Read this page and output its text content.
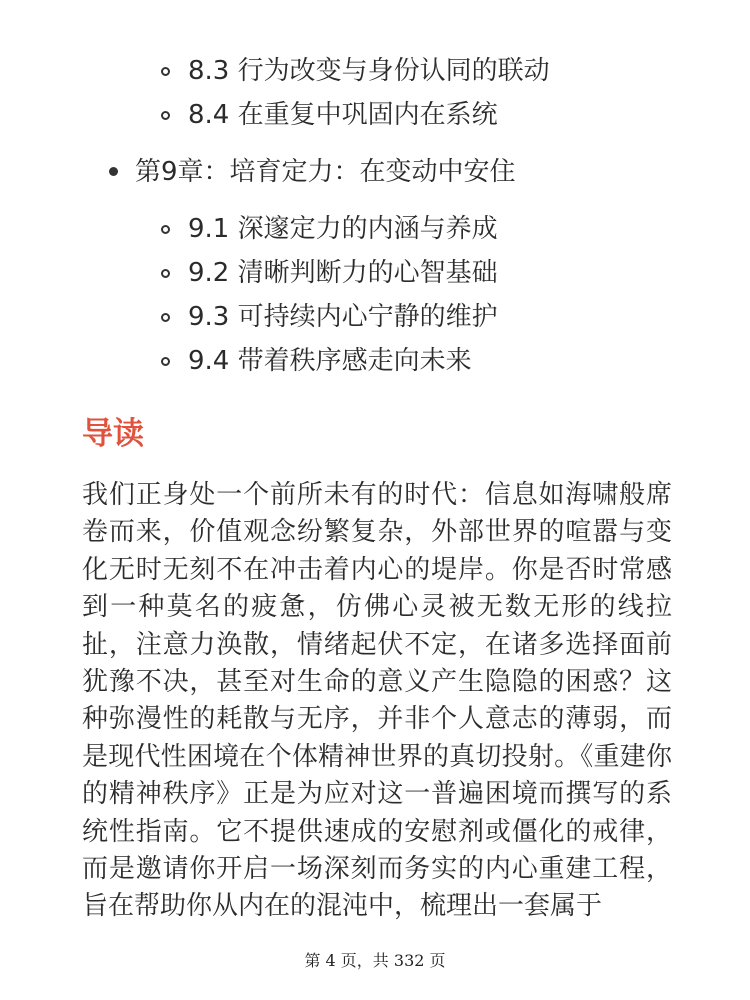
8.3 行为改变与身份认同的联动
8.4 在重复中巩固内在系统
第9章：培育定力：在变动中安住
9.1 深邃定力的内涵与养成
9.2 清晰判断力的心智基础
9.3 可持续内心宁静的维护
9.4 带着秩序感走向未来
导读

我们正身处一个前所未有的时代：信息如海啸般席卷而来，价值观念纷繁复杂，外部世界的喧嚣与变化无时无刻不在冲击着内心的堤岸。你是否时常感到一种莫名的疲惫，仿佛心灵被无数无形的线拉扯，注意力涣散，情绪起伏不定，在诸多选择面前犹豫不决，甚至对生命的意义产生隐隐的困惑？这种弥漫性的耗散与无序，并非个人意志的薄弱，而是现代性困境在个体精神世界的真切投射。《重建你的精神秩序》正是为应对这一普遍困境而撰写的系统性指南。它不提供速成的安慰剂或僵化的戒律，而是邀请你开启一场深刻而务实的内心重建工程，旨在帮助你从内在的混沌中，梳理出一套属于

第 4 页，共 332 页
